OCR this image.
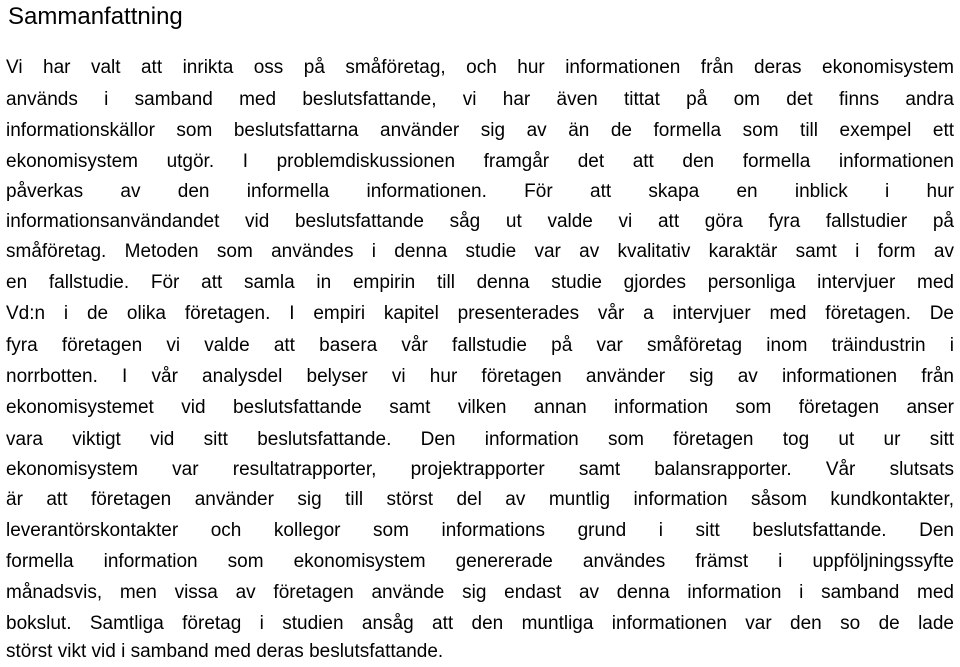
Sammanfattning
Vi har valt att inrikta oss på småföretag, och hur informationen från deras ekonomisystem
används i samband med beslutsfattande, vi har även tittat på om det finns andra
informationskällor som beslutsfattarna använder sig av än de formella som till exempel ett
ekonomisystem utgör. I problemdiskussionen framgår det att den formella informationen
påverkas av den informella informationen. För att skapa en inblick i hur
informationsanvändandet vid beslutsfattande såg ut valde vi att göra fyra fallstudier på
småföretag. Metoden som användes i denna studie var av kvalitativ karaktär samt i form av
en fallstudie. För att samla in empirin till denna studie gjordes personliga intervjuer med
Vd:n i de olika företagen. I empiri kapitel presenterades vår a intervjuer med företagen. De
fyra företagen vi valde att basera vår fallstudie på var småföretag inom träindustrin i
norrbotten. I vår analysdel belyser vi hur företagen använder sig av informationen från
ekonomisystemet vid beslutsfattande samt vilken annan information som företagen anser
vara viktigt vid sitt beslutsfattande. Den information som företagen tog ut ur sitt
ekonomisystem var resultatrapporter, projektrapporter samt balansrapporter. Vår slutsats
är att företagen använder sig till störst del av muntlig information såsom kundkontakter,
leverantörskontakter och kollegor som informations grund i sitt beslutsfattande. Den
formella information som ekonomisystem genererade användes främst i uppföljningssyfte
månadsvis, men vissa av företagen använde sig endast av denna information i samband med
bokslut. Samtliga företag i studien ansåg att den muntliga informationen var den so de lade
störst vikt vid i samband med deras beslutsfattande.
